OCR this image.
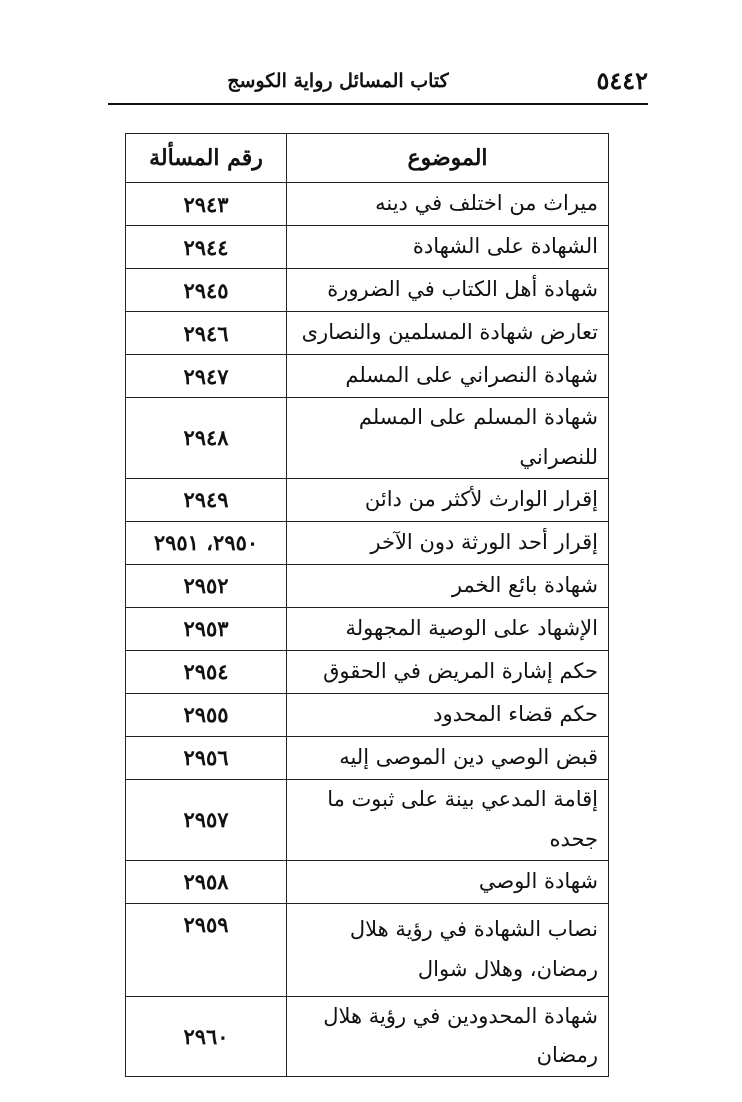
٥٤٤٢
كتاب المسائل رواية الكوسج
الموضوع	رقم المسألة
ميراث من اختلف في دينه	٢٩٤٣
الشهادة على الشهادة	٢٩٤٤
شهادة أهل الكتاب في الضرورة	٢٩٤٥
تعارض شهادة المسلمين والنصارى	٢٩٤٦
شهادة النصراني على المسلم	٢٩٤٧
شهادة المسلم على المسلم للنصراني	٢٩٤٨
إقرار الوارث لأكثر من دائن	٢٩٤٩
إقرار أحد الورثة دون الآخر	٢٩٥٠، ٢٩٥١
شهادة بائع الخمر	٢٩٥٢
الإشهاد على الوصية المجهولة	٢٩٥٣
حكم إشارة المريض في الحقوق	٢٩٥٤
حكم قضاء المحدود	٢٩٥٥
قبض الوصي دين الموصى إليه	٢٩٥٦
إقامة المدعي بينة على ثبوت ما جحده	٢٩٥٧
شهادة الوصي	٢٩٥٨
نصاب الشهادة في رؤية هلال رمضان، وهلال شوال	٢٩٥٩
شهادة المحدودين في رؤية هلال رمضان	٢٩٦٠
